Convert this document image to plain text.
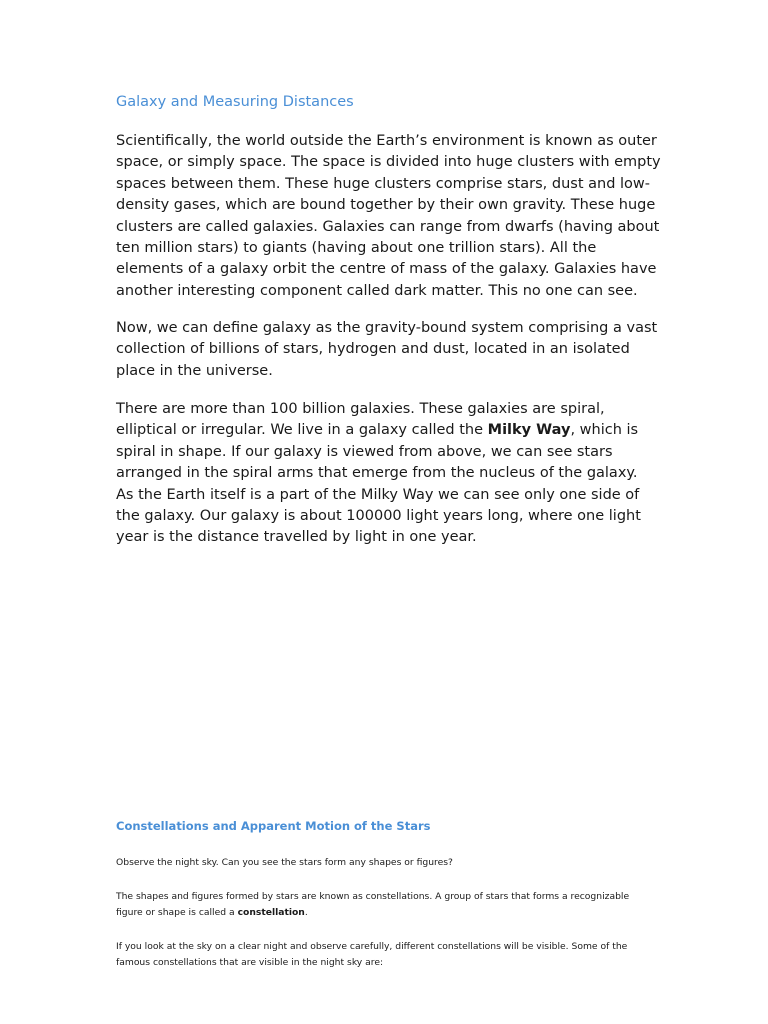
Galaxy and Measuring Distances

Scientifically, the world outside the Earth’s environment is known as outer
space, or simply space. The space is divided into huge clusters with empty
spaces between them. These huge clusters comprise stars, dust and low-
density gases, which are bound together by their own gravity. These huge
clusters are called galaxies. Galaxies can range from dwarfs (having about
ten million stars) to giants (having about one trillion stars). All the
elements of a galaxy orbit the centre of mass of the galaxy. Galaxies have
another interesting component called dark matter. This no one can see.

Now, we can define galaxy as the gravity-bound system comprising a vast
collection of billions of stars, hydrogen and dust, located in an isolated
place in the universe.

There are more than 100 billion galaxies. These galaxies are spiral,
elliptical or irregular. We live in a galaxy called the Milky Way, which is
spiral in shape. If our galaxy is viewed from above, we can see stars
arranged in the spiral arms that emerge from the nucleus of the galaxy.
As the Earth itself is a part of the Milky Way we can see only one side of
the galaxy. Our galaxy is about 100000 light years long, where one light
year is the distance travelled by light in one year.

Constellations and Apparent Motion of the Stars

Observe the night sky. Can you see the stars form any shapes or figures?

The shapes and figures formed by stars are known as constellations. A group of stars that forms a recognizable
figure or shape is called a constellation.

If you look at the sky on a clear night and observe carefully, different constellations will be visible. Some of the
famous constellations that are visible in the night sky are:
